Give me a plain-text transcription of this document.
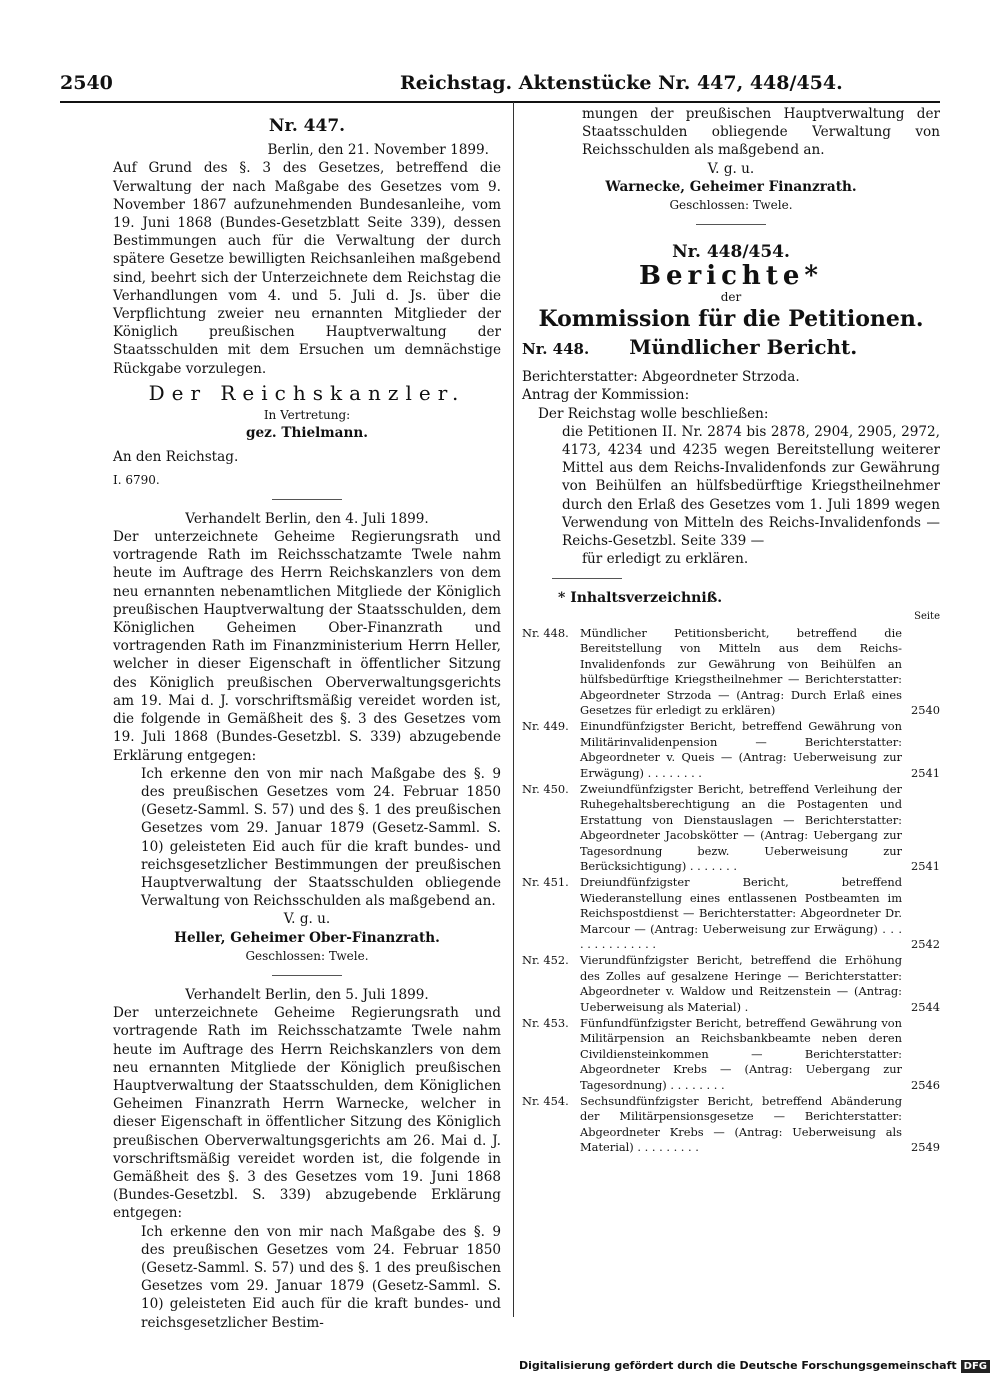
2540	Reichstag. Aktenstücke Nr. 447, 448/454.
Nr. 447.

Berlin, den 21. November 1899.

Auf Grund des §. 3 des Gesetzes, betreffend die Verwaltung der nach Maßgabe des Gesetzes vom 9. November 1867 aufzunehmenden Bundesanleihe, vom 19. Juni 1868 (Bundes-Gesetzblatt Seite 339), dessen Bestimmungen auch für die Verwaltung der durch spätere Gesetze bewilligten Reichsanleihen maßgebend sind, beehrt sich der Unterzeichnete dem Reichstag die Verhandlungen vom 4. und 5. Juli d. Js. über die Verpflichtung zweier neu ernannten Mitglieder der Königlich preußischen Hauptverwaltung der Staatsschulden mit dem Ersuchen um demnächstige Rückgabe vorzulegen.

Der Reichskanzler.

In Vertretung:

gez. Thielmann.

An den Reichstag.

I. 6790.

Verhandelt Berlin, den 4. Juli 1899.

Der unterzeichnete Geheime Regierungsrath und vortragende Rath im Reichsschatzamte Twele nahm heute im Auftrage des Herrn Reichskanzlers von dem neu ernannten nebenamtlichen Mitgliede der Königlich preußischen Hauptverwaltung der Staatsschulden, dem Königlichen Geheimen Ober-Finanzrath und vortragenden Rath im Finanzministerium Herrn Heller, welcher in dieser Eigenschaft in öffentlicher Sitzung des Königlich preußischen Oberverwaltungsgerichts am 19. Mai d. J. vorschriftsmäßig vereidet worden ist, die folgende in Gemäßheit des §. 3 des Gesetzes vom 19. Juli 1868 (Bundes-Gesetzbl. S. 339) abzugebende Erklärung entgegen:

Ich erkenne den von mir nach Maßgabe des §. 9 des preußischen Gesetzes vom 24. Februar 1850 (Gesetz-Samml. S. 57) und des §. 1 des preußischen Gesetzes vom 29. Januar 1879 (Gesetz-Samml. S. 10) geleisteten Eid auch für die kraft bundes- und reichsgesetzlicher Bestimmungen der preußischen Hauptverwaltung der Staatsschulden obliegende Verwaltung von Reichsschulden als maßgebend an.

V. g. u.

Heller, Geheimer Ober-Finanzrath.

Geschlossen: Twele.

Verhandelt Berlin, den 5. Juli 1899.

Der unterzeichnete Geheime Regierungsrath und vortragende Rath im Reichsschatzamte Twele nahm heute im Auftrage des Herrn Reichskanzlers von dem neu ernannten Mitgliede der Königlich preußischen Hauptverwaltung der Staatsschulden, dem Königlichen Geheimen Finanzrath Herrn Warnecke, welcher in dieser Eigenschaft in öffentlicher Sitzung des Königlich preußischen Oberverwaltungsgerichts am 26. Mai d. J. vorschriftsmäßig vereidet worden ist, die folgende in Gemäßheit des §. 3 des Gesetzes vom 19. Juni 1868 (Bundes-Gesetzbl. S. 339) abzugebende Erklärung entgegen:

Ich erkenne den von mir nach Maßgabe des §. 9 des preußischen Gesetzes vom 24. Februar 1850 (Gesetz-Samml. S. 57) und des §. 1 des preußischen Gesetzes vom 29. Januar 1879 (Gesetz-Samml. S. 10) geleisteten Eid auch für die kraft bundes- und reichsgesetzlicher Bestim-

mungen der preußischen Hauptverwaltung der Staatsschulden obliegende Verwaltung von Reichsschulden als maßgebend an.

V. g. u.

Warnecke, Geheimer Finanzrath.

Geschlossen: Twele.

Nr. 448/454.
Berichte*

der

Kommission für die Petitionen.
Nr. 448. Mündlicher Bericht.

Berichterstatter: Abgeordneter Strzoda.

Antrag der Kommission:

Der Reichstag wolle beschließen:

die Petitionen II. Nr. 2874 bis 2878, 2904, 2905, 2972, 4173, 4234 und 4235 wegen Bereitstellung weiterer Mittel aus dem Reichs-Invalidenfonds zur Gewährung von Beihülfen an hülfsbedürftige Kriegstheilnehmer durch den Erlaß des Gesetzes vom 1. Juli 1899 wegen Verwendung von Mitteln des Reichs-Invalidenfonds — Reichs-Gesetzbl. Seite 339 —

für erledigt zu erklären.

* Inhaltsverzeichniß.

Seite

Nr. 448. Mündlicher Petitionsbericht, betreffend die Bereitstellung von Mitteln aus dem Reichs-Invalidenfonds zur Gewährung von Beihülfen an hülfsbedürftige Kriegstheilnehmer — Berichterstatter: Abgeordneter Strzoda — (Antrag: Durch Erlaß eines Gesetzes für erledigt zu erklären)	2540
Nr. 449. Einundfünfzigster Bericht, betreffend Gewährung von Militärinvalidenpension — Berichterstatter: Abgeordneter v. Queis — (Antrag: Ueberweisung zur Erwägung) . . . . . . . .	2541
Nr. 450. Zweiundfünfzigster Bericht, betreffend Verleihung der Ruhegehaltsberechtigung an die Postagenten und Erstattung von Dienstauslagen — Berichterstatter: Abgeordneter Jacobskötter — (Antrag: Uebergang zur Tagesordnung bezw. Ueberweisung zur Berücksichtigung) . . . . . . .	2541
Nr. 451. Dreiundfünfzigster Bericht, betreffend Wiederanstellung eines entlassenen Postbeamten im Reichspostdienst — Berichterstatter: Abgeordneter Dr. Marcour — (Antrag: Ueberweisung zur Erwägung) . . . . . . . . . . . . . .	2542
Nr. 452. Vierundfünfzigster Bericht, betreffend die Erhöhung des Zolles auf gesalzene Heringe — Berichterstatter: Abgeordneter v. Waldow und Reitzenstein — (Antrag: Ueberweisung als Material) .	2544
Nr. 453. Fünfundfünfzigster Bericht, betreffend Gewährung von Militärpension an Reichsbankbeamte neben deren Civildiensteinkommen — Berichterstatter: Abgeordneter Krebs — (Antrag: Uebergang zur Tagesordnung) . . . . . . . .	2546
Nr. 454. Sechsundfünfzigster Bericht, betreffend Abänderung der Militärpensionsgesetze — Berichterstatter: Abgeordneter Krebs — (Antrag: Ueberweisung als Material) . . . . . . . . .	2549
Digitalisierung gefördert durch die Deutsche Forschungsgemeinschaft DFG
